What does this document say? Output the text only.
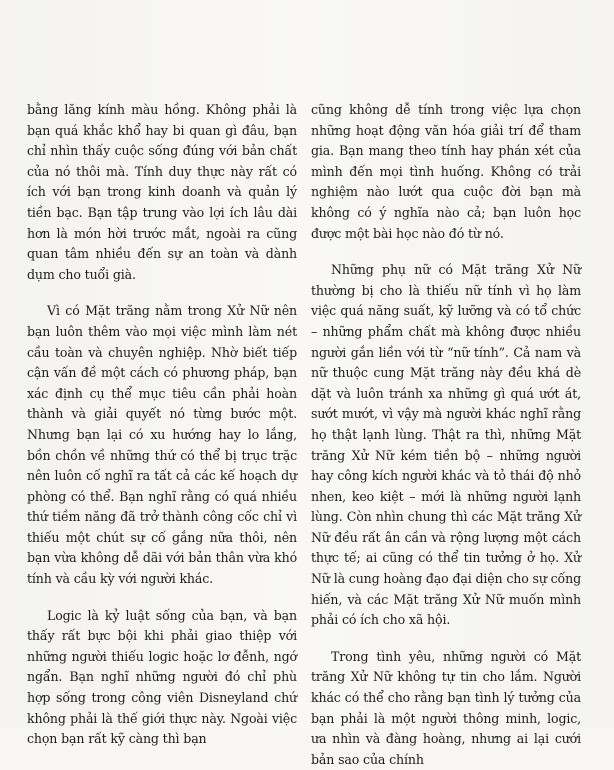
bằng lăng kính màu hồng. Không phải là bạn quá khắc khổ hay bi quan gì đâu, bạn chỉ nhìn thấy cuộc sống đúng với bản chất của nó thôi mà. Tính duy thực này rất có ích với bạn trong kinh doanh và quản lý tiền bạc. Bạn tập trung vào lợi ích lâu dài hơn là món hời trước mắt, ngoài ra cũng quan tâm nhiều đến sự an toàn và dành dụm cho tuổi già.

Vì có Mặt trăng nằm trong Xử Nữ nên bạn luôn thêm vào mọi việc mình làm nét cầu toàn và chuyên nghiệp. Nhờ biết tiếp cận vấn đề một cách có phương pháp, bạn xác định cụ thể mục tiêu cần phải hoàn thành và giải quyết nó từng bước một. Nhưng bạn lại có xu hướng hay lo lắng, bồn chồn về những thứ có thể bị trục trặc nên luôn cố nghĩ ra tất cả các kế hoạch dự phòng có thể. Bạn nghĩ rằng có quá nhiều thứ tiềm năng đã trở thành công cốc chỉ vì thiếu một chút sự cố gắng nữa thôi, nên bạn vừa không dễ dãi với bản thân vừa khó tính và cầu kỳ với người khác.

Logic là kỷ luật sống của bạn, và bạn thấy rất bực bội khi phải giao thiệp với những người thiếu logic hoặc lơ đễnh, ngớ ngẩn. Bạn nghĩ những người đó chỉ phù hợp sống trong công viên Disneyland chứ không phải là thế giới thực này. Ngoài việc chọn bạn rất kỹ càng thì bạn

cũng không dễ tính trong việc lựa chọn những hoạt động văn hóa giải trí để tham gia. Bạn mang theo tính hay phán xét của mình đến mọi tình huống. Không có trải nghiệm nào lướt qua cuộc đời bạn mà không có ý nghĩa nào cả; bạn luôn học được một bài học nào đó từ nó.

Những phụ nữ có Mặt trăng Xử Nữ thường bị cho là thiếu nữ tính vì họ làm việc quá năng suất, kỹ lưỡng và có tổ chức – những phẩm chất mà không được nhiều người gắn liền với từ “nữ tính”. Cả nam và nữ thuộc cung Mặt trăng này đều khá dè dặt và luôn tránh xa những gì quá ướt át, sướt mướt, vì vậy mà người khác nghĩ rằng họ thật lạnh lùng. Thật ra thì, những Mặt trăng Xử Nữ kém tiền bộ – những người hay công kích người khác và tỏ thái độ nhỏ nhen, keo kiệt – mới là những người lạnh lùng. Còn nhìn chung thì các Mặt trăng Xử Nữ đều rất ân cần và rộng lượng một cách thực tế; ai cũng có thể tin tưởng ở họ. Xử Nữ là cung hoàng đạo đại diện cho sự cống hiến, và các Mặt trăng Xử Nữ muốn mình phải có ích cho xã hội.

Trong tình yêu, những người có Mặt trăng Xử Nữ không tự tin cho lắm. Người khác có thể cho rằng bạn tình lý tưởng của bạn phải là một người thông minh, logic, ưa nhìn và đàng hoàng, nhưng ai lại cưới bản sao của chính
